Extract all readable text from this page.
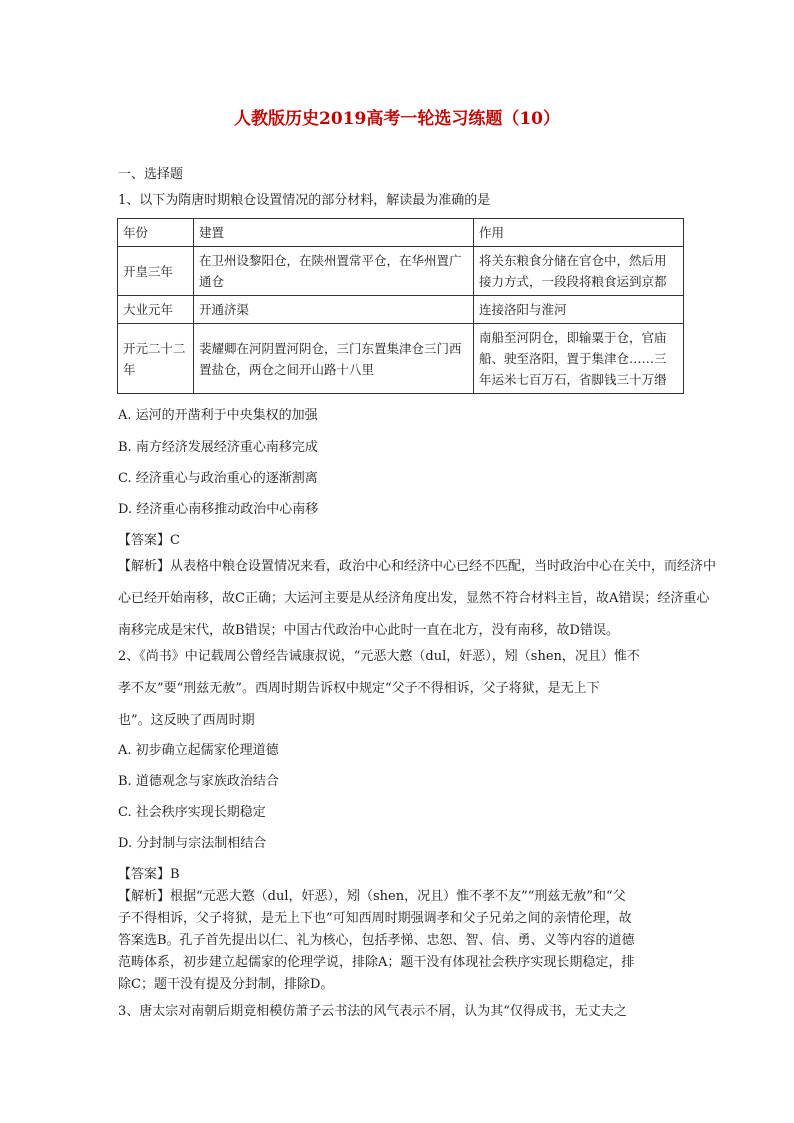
人教版历史2019高考一轮选习练题（10）
一、选择题
1、以下为隋唐时期粮仓设置情况的部分材料，解读最为准确的是
年份	建置	作用
开皇三年	在卫州设黎阳仓，在陕州置常平仓，在华州置广通仓	将关东粮食分储在官仓中，然后用接力方式，一段段将粮食运到京都
大业元年	开通济渠	连接洛阳与淮河
开元二十二年	裴耀卿在河阴置河阴仓，三门东置集津仓三门西置盐仓，两仓之间开山路十八里	南船至河阴仓，即输粟于仓，官庙船、驶至洛阳，置于集津仓……三年运米七百万石，省脚钱三十万缗
A. 运河的开凿利于中央集权的加强
B. 南方经济发展经济重心南移完成
C. 经济重心与政治重心的逐渐割离
D. 经济重心南移推动政治中心南移
【答案】C
【解析】从表格中粮仓设置情况来看，政治中心和经济中心已经不匹配，当时政治中心在关中，而经济中
心已经开始南移，故C正确；大运河主要是从经济角度出发，显然不符合材料主旨，故A错误；经济重心
南移完成是宋代，故B错误；中国古代政治中心此时一直在北方，没有南移，故D错误。
2、《尚书》中记载周公曾经告诫康叔说，“元恶大憝（dul，奸恶），矧（shen，况且）惟不
孝不友”要“刑兹无赦”。西周时期告诉权中规定“父子不得相诉，父子将狱，是无上下
也”。这反映了西周时期
A. 初步确立起儒家伦理道德
B. 道德观念与家族政治结合
C. 社会秩序实现长期稳定
D. 分封制与宗法制相结合
【答案】B
【解析】根据“元恶大憝（dul，奸恶），矧（shen，况且）惟不孝不友”“刑兹无赦”和“父
子不得相诉，父子将狱，是无上下也”可知西周时期强调孝和父子兄弟之间的亲情伦理，故
答案选B。孔子首先提出以仁、礼为核心，包括孝悌、忠恕、智、信、勇、义等内容的道德
范畴体系，初步建立起儒家的伦理学说，排除A；题干没有体现社会秩序实现长期稳定，排
除C；题干没有提及分封制，排除D。
3、唐太宗对南朝后期竟相模仿萧子云书法的风气表示不屑，认为其“仅得成书，无丈夫之
